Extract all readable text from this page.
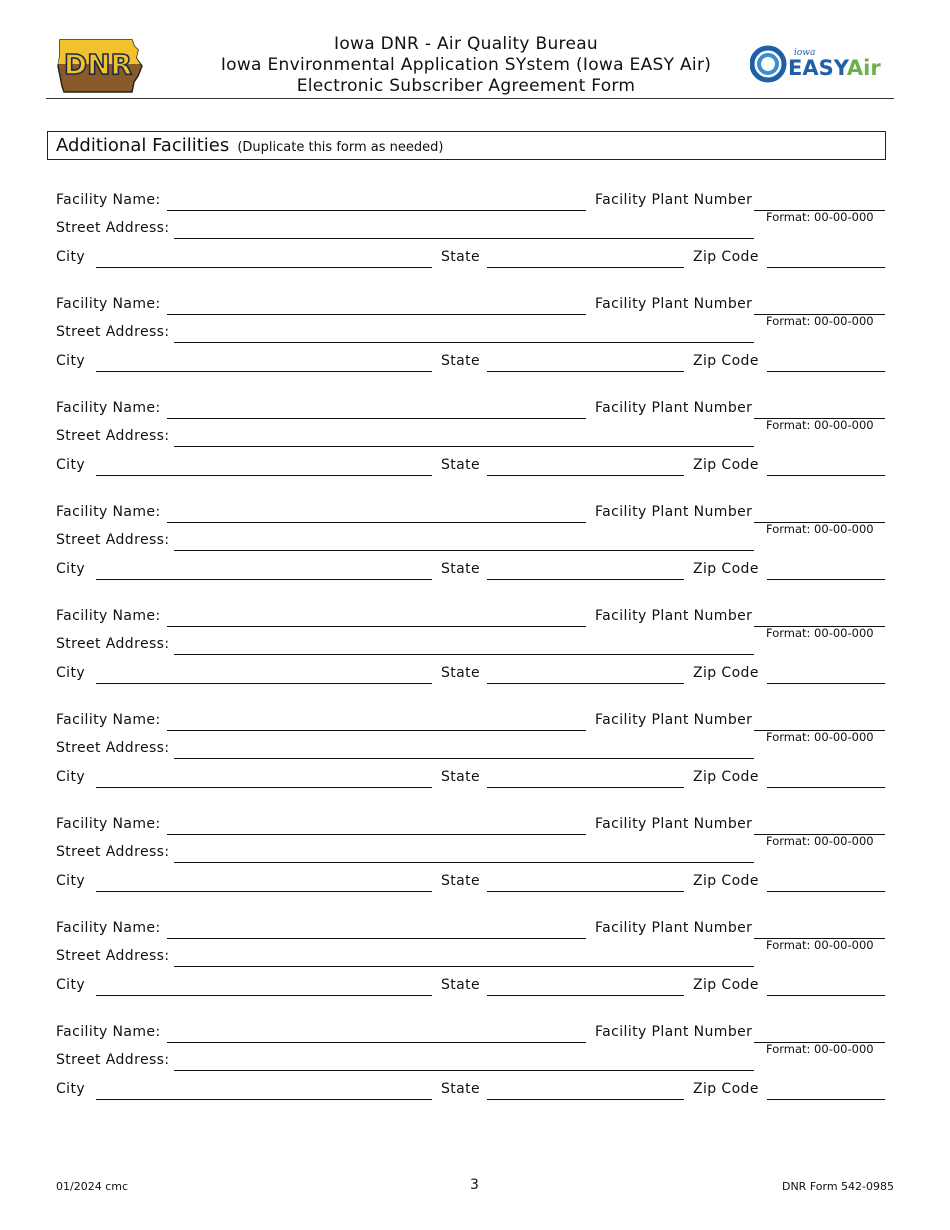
DNR
Iowa DNR - Air Quality Bureau
Iowa Environmental Application SYstem (Iowa EASY Air)
Electronic Subscriber Agreement Form
iowa
EASYAir
Additional Facilities (Duplicate this form as needed)
Facility Name:	Facility Plant Number
Format: 00-00-000
Street Address:
City	State	Zip Code
Facility Name:	Facility Plant Number
Format: 00-00-000
Street Address:
City	State	Zip Code
Facility Name:	Facility Plant Number
Format: 00-00-000
Street Address:
City	State	Zip Code
Facility Name:	Facility Plant Number
Format: 00-00-000
Street Address:
City	State	Zip Code
Facility Name:	Facility Plant Number
Format: 00-00-000
Street Address:
City	State	Zip Code
Facility Name:	Facility Plant Number
Format: 00-00-000
Street Address:
City	State	Zip Code
Facility Name:	Facility Plant Number
Format: 00-00-000
Street Address:
City	State	Zip Code
Facility Name:	Facility Plant Number
Format: 00-00-000
Street Address:
City	State	Zip Code
Facility Name:	Facility Plant Number
Format: 00-00-000
Street Address:
City	State	Zip Code
01/2024 cmc	3	DNR Form 542-0985
